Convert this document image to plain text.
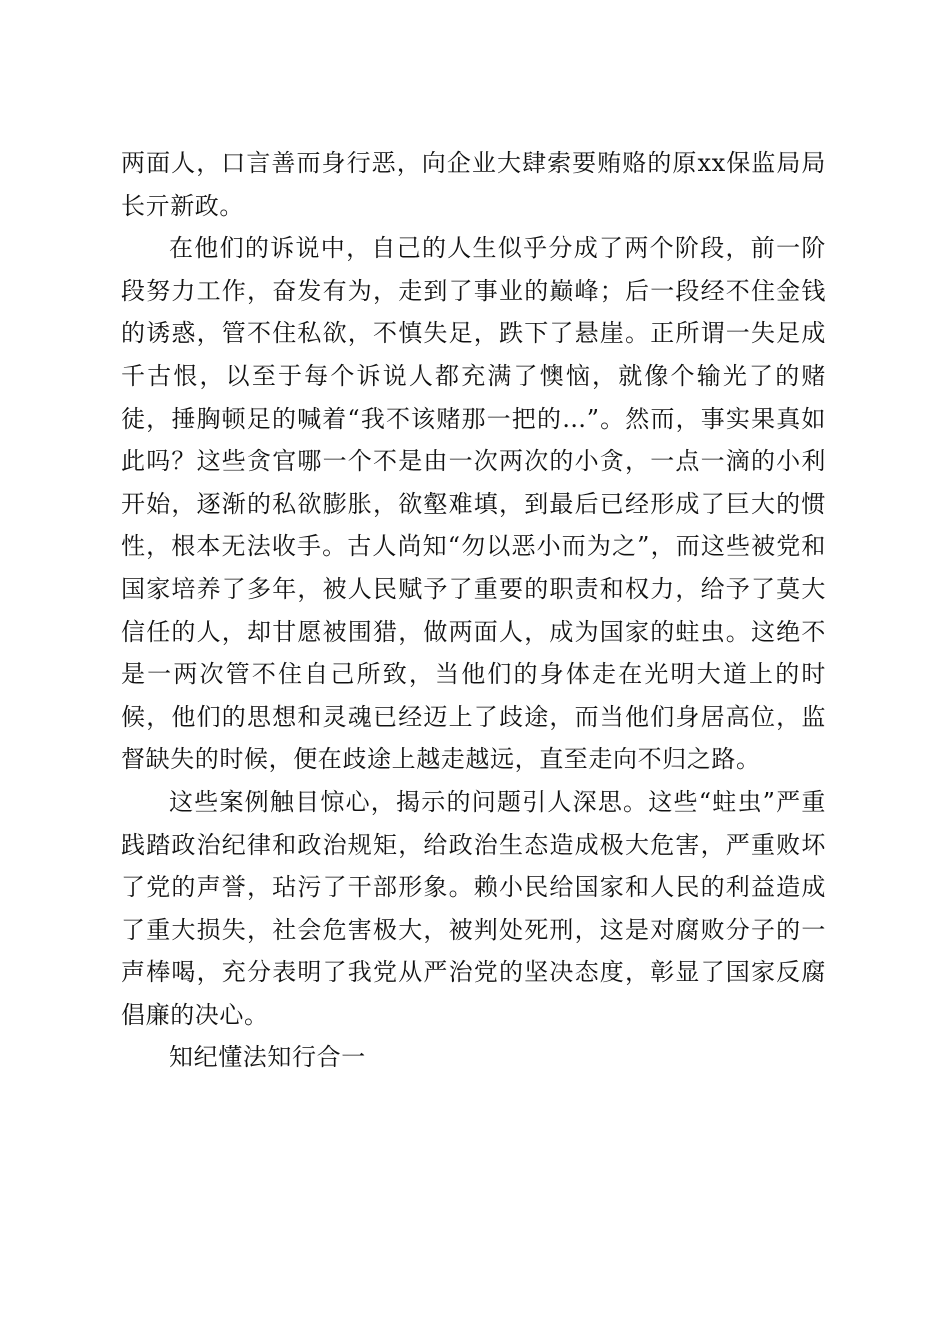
两面人，口言善而身行恶，向企业大肆索要贿赂的原xx保监局局长亓新政。

在他们的诉说中，自己的人生似乎分成了两个阶段，前一阶段努力工作，奋发有为，走到了事业的巅峰；后一段经不住金钱的诱惑，管不住私欲，不慎失足，跌下了悬崖。正所谓一失足成千古恨，以至于每个诉说人都充满了懊恼，就像个输光了的赌徒，捶胸顿足的喊着“我不该赌那一把的…”。然而，事实果真如此吗？这些贪官哪一个不是由一次两次的小贪，一点一滴的小利开始，逐渐的私欲膨胀，欲壑难填，到最后已经形成了巨大的惯性，根本无法收手。古人尚知“勿以恶小而为之”，而这些被党和国家培养了多年，被人民赋予了重要的职责和权力，给予了莫大信任的人，却甘愿被围猎，做两面人，成为国家的蛀虫。这绝不是一两次管不住自己所致，当他们的身体走在光明大道上的时候，他们的思想和灵魂已经迈上了歧途，而当他们身居高位，监督缺失的时候，便在歧途上越走越远，直至走向不归之路。

这些案例触目惊心，揭示的问题引人深思。这些“蛀虫”严重践踏政治纪律和政治规矩，给政治生态造成极大危害，严重败坏了党的声誉，玷污了干部形象。赖小民给国家和人民的利益造成了重大损失，社会危害极大，被判处死刑，这是对腐败分子的一声棒喝，充分表明了我党从严治党的坚决态度，彰显了国家反腐倡廉的决心。

知纪懂法知行合一
